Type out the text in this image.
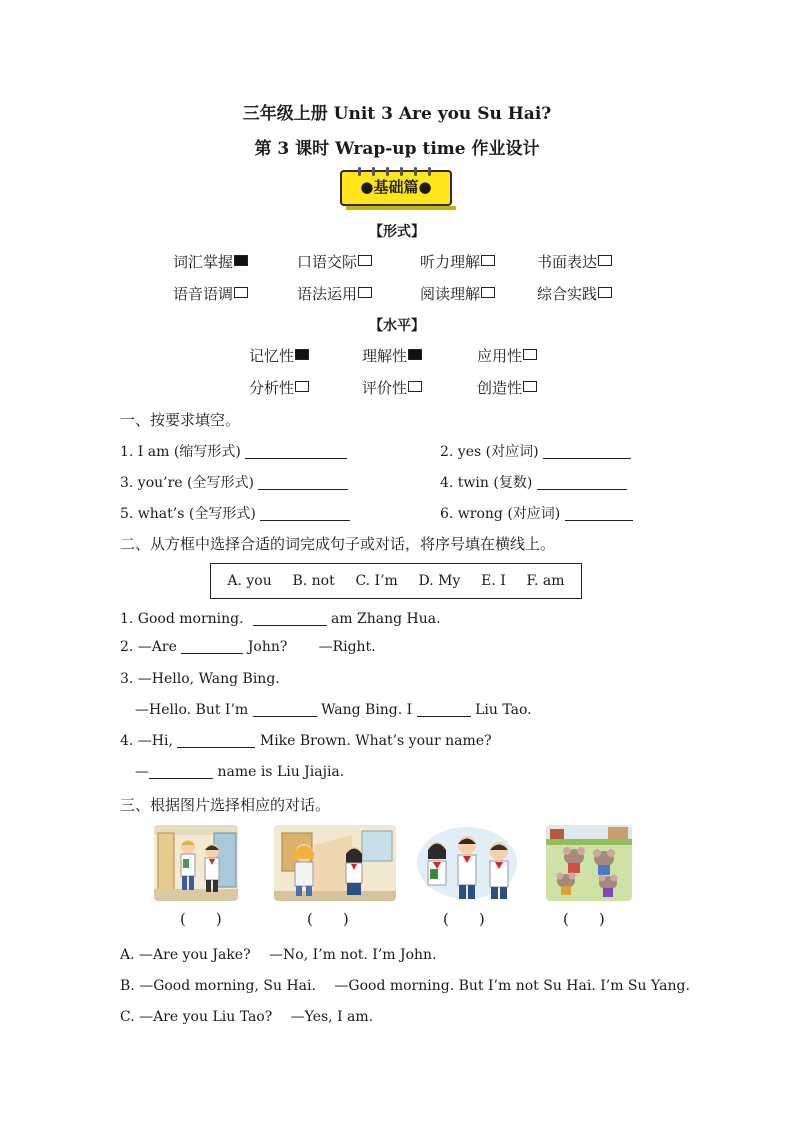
三年级上册 Unit 3 Are you Su Hai?
第 3 课时 Wrap-up time 作业设计
●基础篇●
【形式】
词汇掌握	口语交际	听力理解	书面表达
语音语调	语法运用	阅读理解	综合实践
【水平】
记忆性	理解性	应用性
分析性	评价性	创造性
一、按要求填空。
1. I am (缩写形式)	2. yes (对应词)
3. you’re (全写形式)	4. twin (复数)
5. what’s (全写形式)	6. wrong (对应词)
二、从方框中选择合适的词完成句子或对话，将序号填在横线上。
A. you B. not C. I’m D. My E. I F. am
1. Good morning.	am Zhang Hua.
2. —Are	John? —Right.
3. —Hello, Wang Bing.
—Hello. But I’m	Wang Bing. I	Liu Tao.
4. —Hi,	Mike Brown. What’s your name?
—	name is Liu Jiajia.
三、根据图片选择相应的对话。
(　　)	(　　)	(　　)	(　　)
A. —Are you Jake?　 —No, I’m not. I’m John.
B. —Good morning, Su Hai.　 —Good morning. But I’m not Su Hai. I’m Su Yang.
C. —Are you Liu Tao?　 —Yes, I am.
